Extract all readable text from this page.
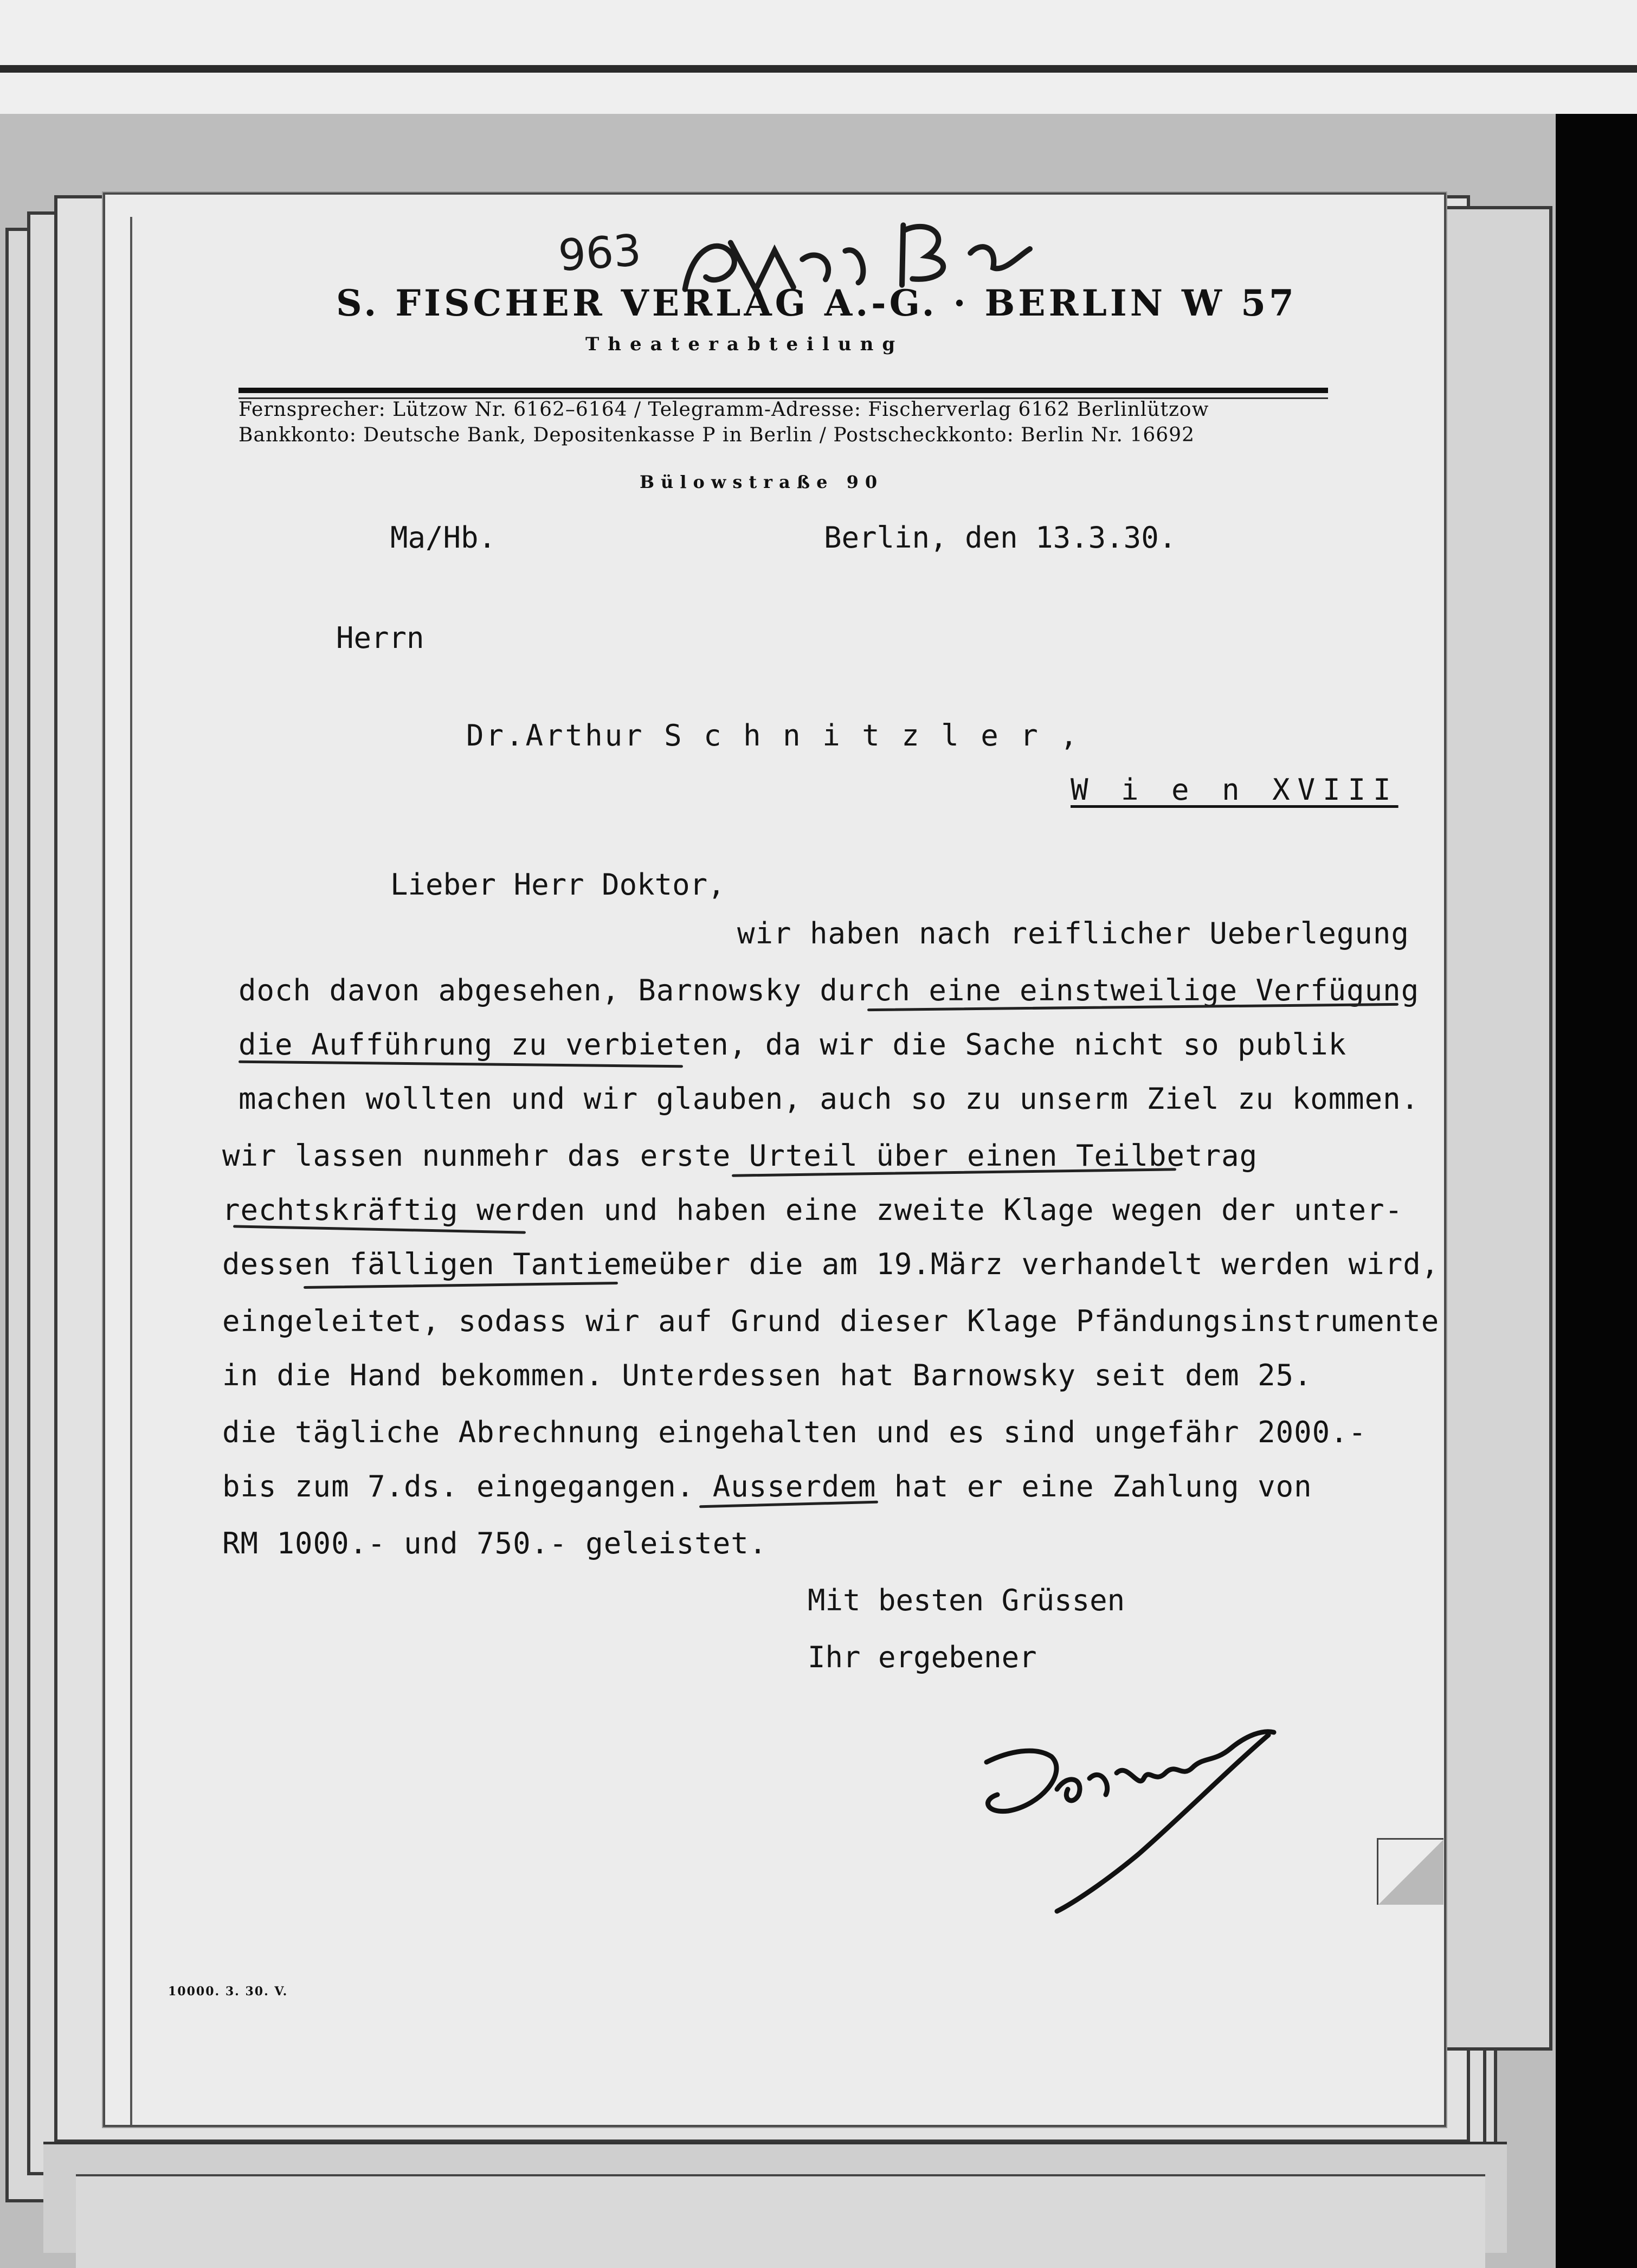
963
S. FISCHER VERLAG A.-G. · BERLIN W 57
Theaterabteilung
Fernsprecher: Lützow Nr. 6162–6164 / Telegramm-Adresse: Fischerverlag 6162 Berlinlützow
Bankkonto: Deutsche Bank, Depositenkasse P in Berlin / Postscheckkonto: Berlin Nr. 16692
Bülowstraße 90
Ma/Hb.	Berlin, den 13.3.30.
Herrn
Dr.Arthur S c h n i t z l e r ,
W i e n XVIII
Lieber Herr Doktor,
wir haben nach reiflicher Ueberlegung
doch davon abgesehen, Barnowsky durch eine einstweilige Verfügung
die Aufführung zu verbieten, da wir die Sache nicht so publik
machen wollten und wir glauben, auch so zu unserm Ziel zu kommen.
wir lassen nunmehr das erste Urteil über einen Teilbetrag
rechtskräftig werden und haben eine zweite Klage wegen der unter-
dessen fälligen Tantiemeüber die am 19.März verhandelt werden wird,
eingeleitet, sodass wir auf Grund dieser Klage Pfändungsinstrumente
in die Hand bekommen. Unterdessen hat Barnowsky seit dem 25.
die tägliche Abrechnung eingehalten und es sind ungefähr 2000.-
bis zum 7.ds. eingegangen. Ausserdem hat er eine Zahlung von
RM 1000.- und 750.- geleistet.
Mit besten Grüssen
Ihr ergebener
10000. 3. 30. V.
